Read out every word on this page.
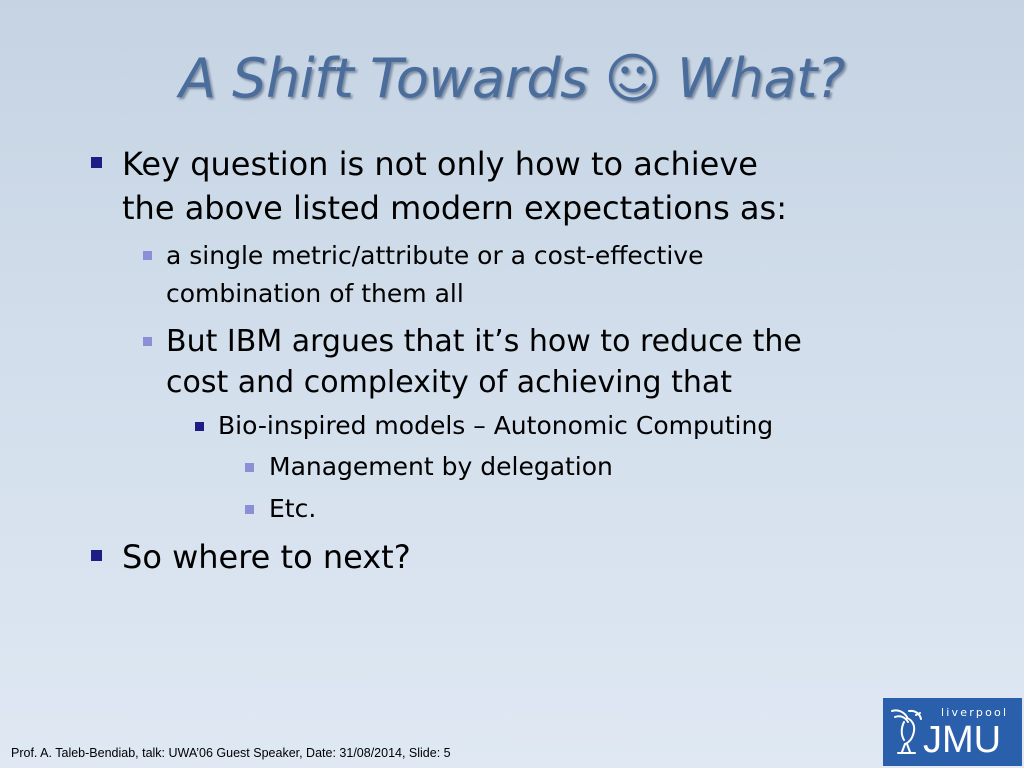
A Shift Towards ☺ What?
Key question is not only how to achieve
the above listed modern expectations as:
a single metric/attribute or a cost-effective
combination of them all
But IBM argues that it’s how to reduce the
cost and complexity of achieving that
Bio-inspired models – Autonomic Computing
Management by delegation
Etc.
So where to next?
Prof. A. Taleb-Bendiab, talk: UWA’06 Guest Speaker, Date: 31/08/2014, Slide: 5
liverpool
JMU
